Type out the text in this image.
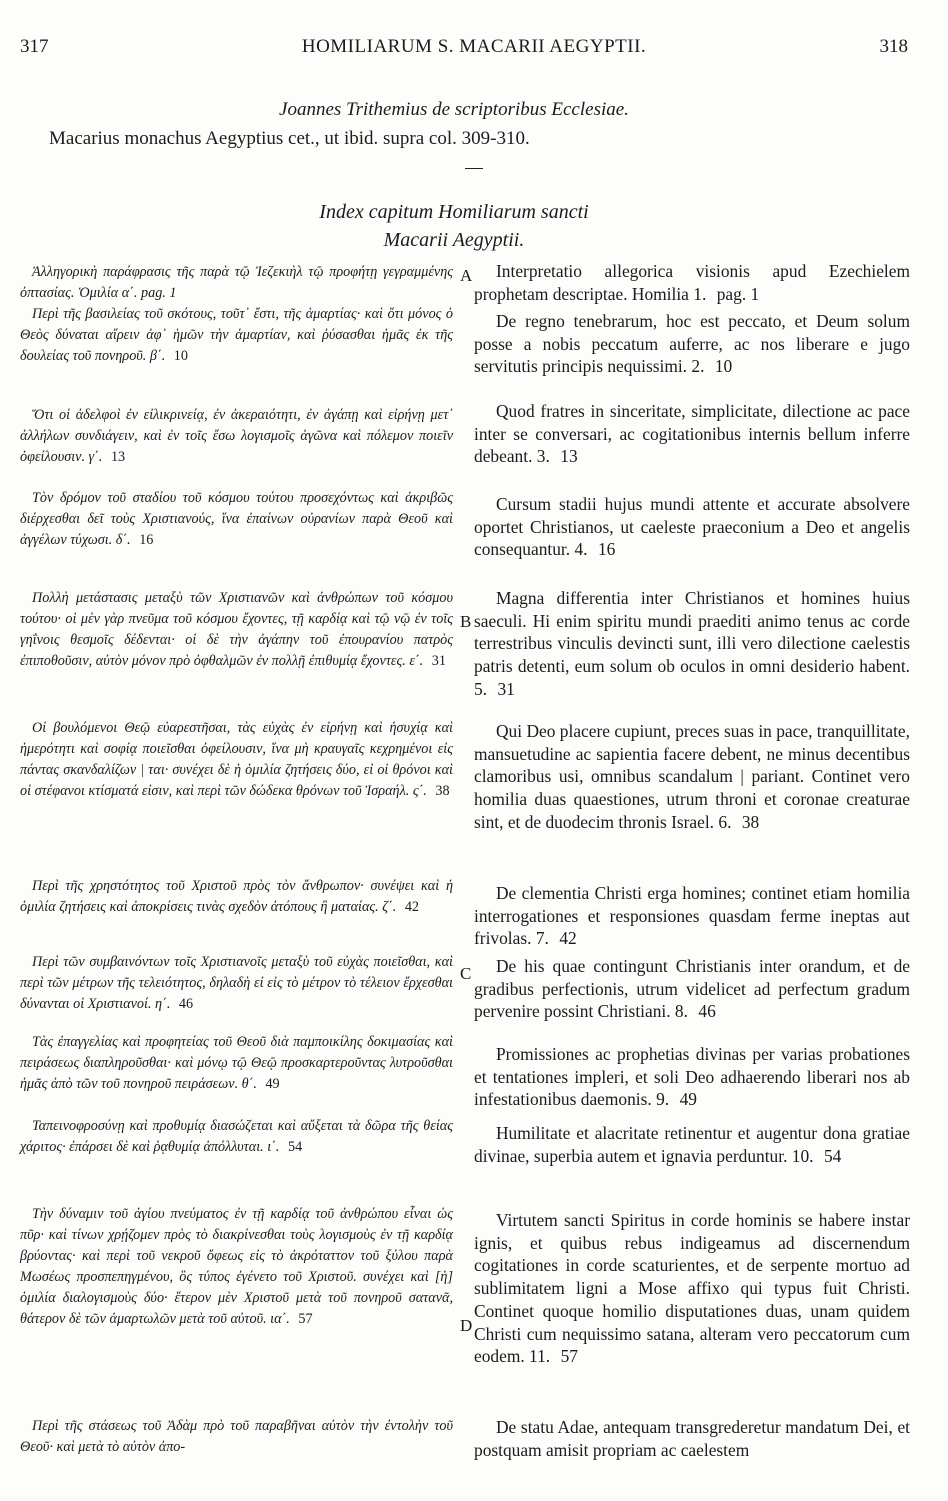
317	HOMILIARUM S. MACARII AEGYPTII.	318
Joannes Trithemius de scriptoribus Ecclesiae.
Macarius monachus Aegyptius cet., ut ibid. supra col. 309-310.
Index capitum Homiliarum sancti
Macarii Aegyptii.
Ἀλληγορικὴ παράφρασις τῆς παρὰ τῷ Ἰεζεκιὴλ τῷ προφήτῃ γεγραμμένης ὀπτασίας. Ὁμιλία α΄. pag. 1
Περὶ τῆς βασιλείας τοῦ σκότους, τοῦτ᾿ ἔστι, τῆς ἁμαρτίας· καὶ ὅτι μόνος ὁ Θεὸς δύναται αἴρειν ἀφ᾿ ἡμῶν τὴν ἁμαρτίαν, καὶ ῥύσασθαι ἡμᾶς ἐκ τῆς δουλείας τοῦ πονηροῦ. β΄. 10
Ὅτι οἱ ἀδελφοὶ ἐν εἰλικρινείᾳ, ἐν ἀκεραιότητι, ἐν ἀγάπῃ καὶ εἰρήνῃ μετ᾿ ἀλλήλων συνδιάγειν, καὶ ἐν τοῖς ἔσω λογισμοῖς ἀγῶνα καὶ πόλεμον ποιεῖν ὀφείλουσιν. γ΄. 13
Τὸν δρόμον τοῦ σταδίου τοῦ κόσμου τούτου προσεχόντως καὶ ἀκριβῶς διέρχεσθαι δεῖ τοὺς Χριστιανούς, ἵνα ἐπαίνων οὐρανίων παρὰ Θεοῦ καὶ ἀγγέλων τύχωσι. δ΄. 16
Πολλὴ μετάστασις μεταξὺ τῶν Χριστιανῶν καὶ ἀνθρώπων τοῦ κόσμου τούτου· οἱ μὲν γὰρ πνεῦμα τοῦ κόσμου ἔχοντες, τῇ καρδίᾳ καὶ τῷ νῷ ἐν τοῖς γηΐνοις θεσμοῖς δέδενται· οἱ δὲ τὴν ἀγάπην τοῦ ἐπουρανίου πατρὸς ἐπιποθοῦσιν, αὐτὸν μόνον πρὸ ὀφθαλμῶν ἐν πολλῇ ἐπιθυμίᾳ ἔχοντες. ε΄. 31
Οἱ βουλόμενοι Θεῷ εὐαρεστῆσαι, τὰς εὐχὰς ἐν εἰρήνῃ καὶ ἡσυχίᾳ καὶ ἡμερότητι καὶ σοφίᾳ ποιεῖσθαι ὀφείλουσιν, ἵνα μὴ κραυγαῖς κεχρημένοι εἰς πάντας σκανδαλίζων | ται· συνέχει δὲ ἡ ὁμιλία ζητήσεις δύο, εἰ οἱ θρόνοι καὶ οἱ στέφανοι κτίσματά εἰσιν, καὶ περὶ τῶν δώδεκα θρόνων τοῦ Ἰσραήλ. ς΄. 38
Περὶ τῆς χρηστότητος τοῦ Χριστοῦ πρὸς τὸν ἄνθρωπον· συνέψει καὶ ἡ ὁμιλία ζητήσεις καὶ ἀποκρίσεις τινὰς σχεδὸν ἀτόπους ἢ ματαίας. ζ΄. 42
Περὶ τῶν συμβαινόντων τοῖς Χριστιανοῖς μεταξὺ τοῦ εὐχὰς ποιεῖσθαι, καὶ περὶ τῶν μέτρων τῆς τελειότητος, δηλαδὴ εἰ εἰς τὸ μέτρον τὸ τέλειον ἔρχεσθαι δύνανται οἱ Χριστιανοί. η΄. 46
Τὰς ἐπαγγελίας καὶ προφητείας τοῦ Θεοῦ διὰ παμποικίλης δοκιμασίας καὶ πειράσεως διαπληροῦσθαι· καὶ μόνῳ τῷ Θεῷ προσκαρτεροῦντας λυτροῦσθαι ἡμᾶς ἀπὸ τῶν τοῦ πονηροῦ πειράσεων. θ΄. 49
Ταπεινοφροσύνῃ καὶ προθυμίᾳ διασώζεται καὶ αὔξεται τὰ δῶρα τῆς θείας χάριτος· ἐπάρσει δὲ καὶ ῥᾳθυμίᾳ ἀπόλλυται. ι΄. 54
Τὴν δύναμιν τοῦ ἁγίου πνεύματος ἐν τῇ καρδίᾳ τοῦ ἀνθρώπου εἶναι ὡς πῦρ· καὶ τίνων χρῄζομεν πρὸς τὸ διακρίνεσθαι τοὺς λογισμοὺς ἐν τῇ καρδίᾳ βρύοντας· καὶ περὶ τοῦ νεκροῦ ὄφεως εἰς τὸ ἀκρόταττον τοῦ ξύλου παρὰ Μωσέως προσπεπηγμένου, ὃς τύπος ἐγένετο τοῦ Χριστοῦ. συνέχει καὶ [ἡ] ὁμιλία διαλογισμοὺς δύο· ἕτερον μὲν Χριστοῦ μετὰ τοῦ πονηροῦ σατανᾶ, θάτερον δὲ τῶν ἁμαρτωλῶν μετὰ τοῦ αὐτοῦ. ια΄. 57
Περὶ τῆς στάσεως τοῦ Ἀδὰμ πρὸ τοῦ παραβῆναι αὐτὸν τὴν ἐντολὴν τοῦ Θεοῦ· καὶ μετὰ τὸ αὐτὸν ἀπο-
Interpretatio allegorica visionis apud Ezechielem prophetam descriptae. Homilia 1. pag. 1
De regno tenebrarum, hoc est peccato, et Deum solum posse a nobis peccatum auferre, ac nos liberare e jugo servitutis principis nequissimi. 2. 10
Quod fratres in sinceritate, simplicitate, dilectione ac pace inter se conversari, ac cogitationibus internis bellum inferre debeant. 3. 13
Cursum stadii hujus mundi attente et accurate absolvere oportet Christianos, ut caeleste praeconium a Deo et angelis consequantur. 4. 16
Magna differentia inter Christianos et homines huius saeculi. Hi enim spiritu mundi praediti animo tenus ac corde terrestribus vinculis devincti sunt, illi vero dilectione caelestis patris detenti, eum solum ob oculos in omni desiderio habent. 5. 31
Qui Deo placere cupiunt, preces suas in pace, tranquillitate, mansuetudine ac sapientia facere debent, ne minus decentibus clamoribus usi, omnibus scandalum | pariant. Continet vero homilia duas quaestiones, utrum throni et coronae creaturae sint, et de duodecim thronis Israel. 6. 38
De clementia Christi erga homines; continet etiam homilia interrogationes et responsiones quasdam ferme ineptas aut frivolas. 7. 42
De his quae contingunt Christianis inter orandum, et de gradibus perfectionis, utrum videlicet ad perfectum gradum pervenire possint Christiani. 8. 46
Promissiones ac prophetias divinas per varias probationes et tentationes impleri, et soli Deo adhaerendo liberari nos ab infestationibus daemonis. 9. 49
Humilitate et alacritate retinentur et augentur dona gratiae divinae, superbia autem et ignavia perduntur. 10. 54
Virtutem sancti Spiritus in corde hominis se habere instar ignis, et quibus rebus indigeamus ad discernendum cogitationes in corde scaturientes, et de serpente mortuo ad sublimitatem ligni a Mose affixo qui typus fuit Christi. Continet quoque homilio disputationes duas, unam quidem Christi cum nequissimo satana, alteram vero peccatorum cum eodem. 11. 57
De statu Adae, antequam transgrederetur mandatum Dei, et postquam amisit propriam ac caelestem
A
B
C
D
